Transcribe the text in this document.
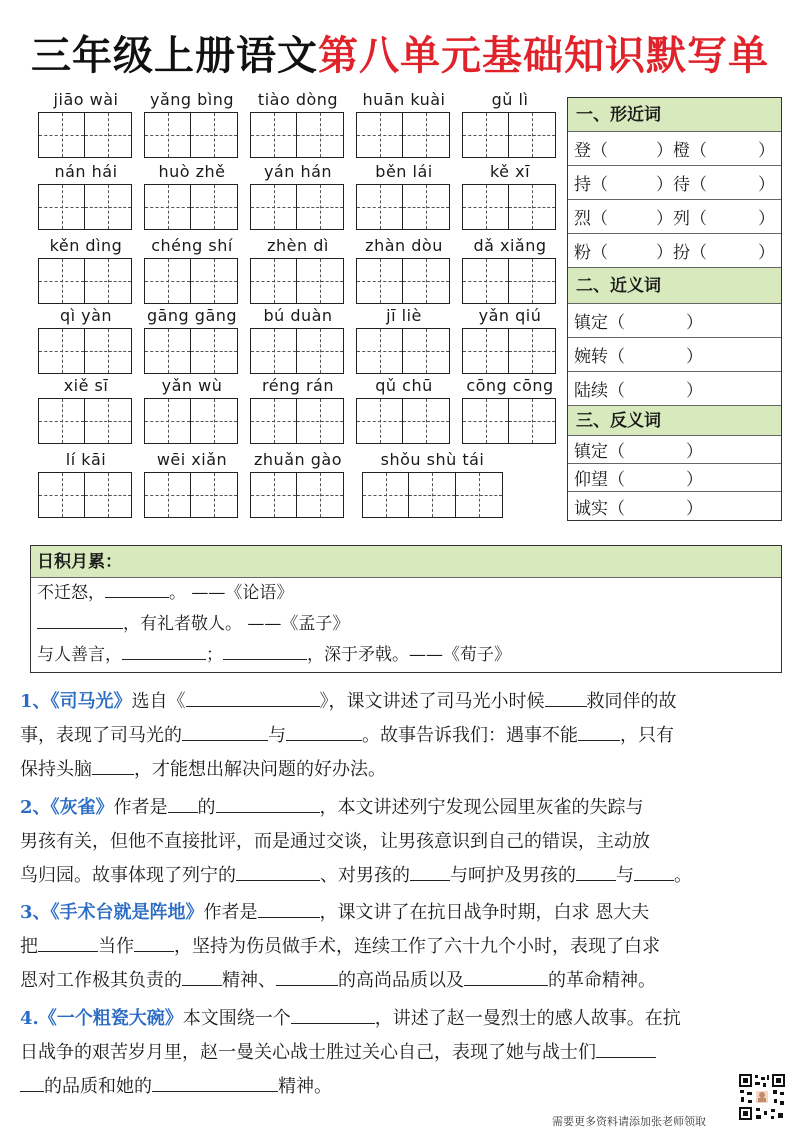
三年级上册语文第八单元基础知识默写单
jiāo wài	yǎng bìng	tiào dòng	huān kuài	gǔ lì
nán hái	huò zhě	yán hán	běn lái	kě xī
kěn dìng	chéng shí	zhèn dì	zhàn dòu	dǎ xiǎng
qì yàn	gāng gāng	bú duàn	jī liè	yǎn qiú
xiě sī	yǎn wù	réng rán	qǔ chū	cōng cōng
lí kāi	wēi xiǎn	zhuǎn gào	shǒu shù tái
一、形近词
登（	）橙（	）
持（	）待（	）
烈（	）列（	）
粉（	）扮（	）
二、近义词
镇定（	）
婉转（	）
陆续（	）
三、反义词
镇定（	）
仰望（	）
诚实（	）
日积月累：
不迁怒，	。 ——《论语》
，有礼者敬人。 ——《孟子》
与人善言，	；	，深于矛戟。——《荀子》
1、《司马光》选自《	》，课文讲述了司马光小时候 救同伴的故
事，表现了司马光的	与	。故事告诉我们：遇事不能 ，只有
保持头脑 ，才能想出解决问题的好办法。
2、《灰雀》作者是 的	，本文讲述列宁发现公园里灰雀的失踪与
男孩有关，但他不直接批评，而是通过交谈，让男孩意识到自己的错误，主动放
鸟归园。故事体现了列宁的	、对男孩的 与呵护及男孩的 与 。
3、《手术台就是阵地》作者是	，课文讲了在抗日战争时期，白求 恩大夫
把	当作 ，坚持为伤员做手术，连续工作了六十九个小时，表现了白求
恩对工作极其负责的 精神、	的高尚品质以及	的革命精神。
4.《一个粗瓷大碗》本文围绕一个	，讲述了赵一曼烈士的感人故事。在抗
日战争的艰苦岁月里，赵一曼关心战士胜过关心自己，表现了她与战士们
的品质和她的	精神。
需要更多资料请添加张老师领取
